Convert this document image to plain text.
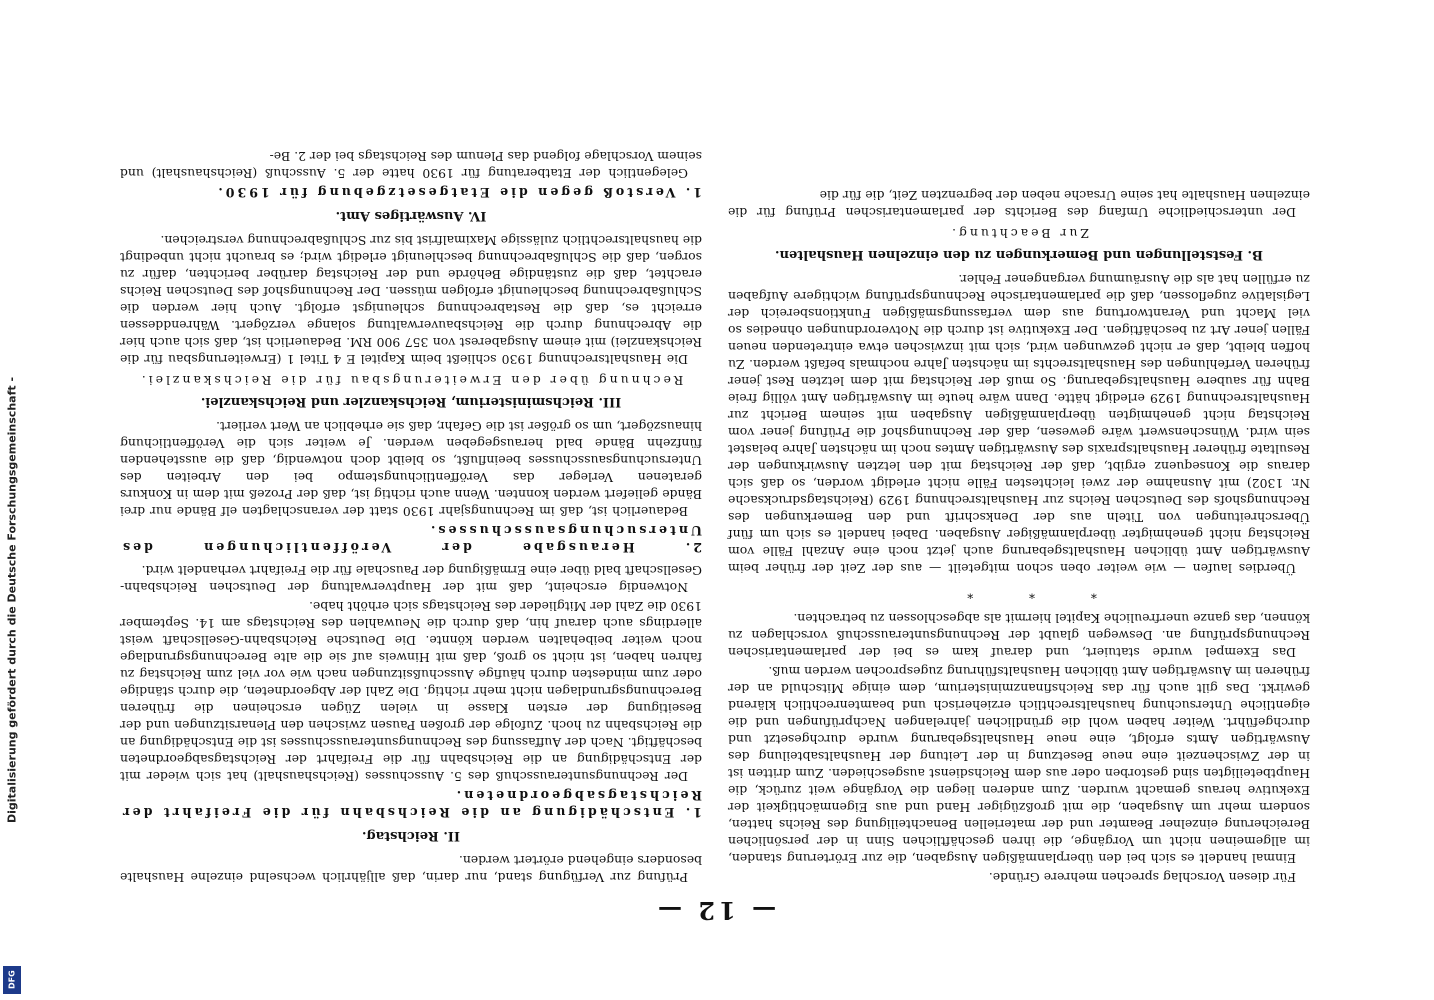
Digitalisierung gefördert durch die Deutsche Forschungsgemeinschaft -
DFG
— 12 —

Für diesen Vorschlag sprechen mehrere Gründe.

Einmal handelt es sich bei den überplanmäßigen Ausgaben, die zur Erörterung standen, im allgemeinen nicht um Vorgänge, die ihren geschäftlichen Sinn in der persönlichen Bereicherung einzelner Beamter und der materiellen Benachteiligung des Reichs hatten, sondern mehr um Ausgaben, die mit großzügiger Hand und aus Eigenmächtigkeit der Exekutive heraus gemacht wurden. Zum anderen liegen die Vorgänge weit zurück, die Hauptbeteiligten sind gestorben oder aus dem Reichsdienst ausgeschieden. Zum dritten ist in der Zwischenzeit eine neue Besetzung in der Leitung der Haushaltsabteilung des Auswärtigen Amts erfolgt, eine neue Haushaltsgebarung wurde durchgesetzt und durchgeführt. Weiter haben wohl die gründlichen jahrelangen Nachprüfungen und die eigentliche Untersuchung haushaltsrechtlich erzieherisch und beamtenrechtlich klärend gewirkt. Das gilt auch für das Reichsfinanzministerium, dem einige Mitschuld an der früheren im Auswärtigen Amt üblichen Haushaltsführung zugesprochen werden muß.

Das Exempel wurde statuiert, und darauf kam es bei der parlamentarischen Rechnungsprüfung an. Deswegen glaubt der Rechnungsunterausschuß vorschlagen zu können, das ganze unerfreuliche Kapitel hiermit als abgeschlossen zu betrachten.

* * *

Überdies laufen — wie weiter oben schon mitgeteilt — aus der Zeit der früher beim Auswärtigen Amt üblichen Haushaltsgebarung auch jetzt noch eine Anzahl Fälle vom Reichstag nicht genehmigter überplanmäßiger Ausgaben. Dabei handelt es sich um fünf Überschreitungen von Titeln aus der Denkschrift und den Bemerkungen des Rechnungshofs des Deutschen Reichs zur Haushaltsrechnung 1929 (Reichstagsdrucksache Nr. 1302) mit Ausnahme der zwei leichtesten Fälle nicht erledigt worden, so daß sich daraus die Konsequenz ergibt, daß der Reichstag mit den letzten Auswirkungen der Resultate früherer Haushaltspraxis des Auswärtigen Amtes noch im nächsten Jahre belastet sein wird. Wünschenswert wäre gewesen, daß der Rechnungshof die Prüfung jener vom Reichstag nicht genehmigten überplanmäßigen Ausgaben mit seinem Bericht zur Haushaltsrechnung 1929 erledigt hätte. Dann wäre heute im Auswärtigen Amt völlig freie Bahn für saubere Haushaltsgebarung. So muß der Reichstag mit dem letzten Rest jener früheren Verfehlungen des Haushaltsrechts im nächsten Jahre nochmals befaßt werden. Zu hoffen bleibt, daß er nicht gezwungen wird, sich mit inzwischen etwa eintretenden neuen Fällen jener Art zu beschäftigen. Der Exekutive ist durch die Notverordnungen ohnedies so viel Macht und Verantwortung aus dem verfassungsmäßigen Funktionsbereich der Legislative zugeflossen, daß die parlamentarische Rechnungsprüfung wichtigere Aufgaben zu erfüllen hat als die Ausräumung vergangener Fehler.

B. Feststellungen und Bemerkungen zu den einzelnen Haushalten.

Zur Beachtung.

Der unterschiedliche Umfang des Berichts der parlamentarischen Prüfung für die einzelnen Haushalte hat seine Ursache neben der begrenzten Zeit, die für die

Prüfung zur Verfügung stand, nur darin, daß alljährlich wechselnd einzelne Haushalte besonders eingehend erörtert werden.

II. Reichstag.
1. Entschädigung an die Reichsbahn für die Freifahrt der Reichstagsabgeordneten.

Der Rechnungsunterausschuß des 5. Ausschusses (Reichshaushalt) hat sich wieder mit der Entschädigung an die Reichsbahn für die Freifahrt der Reichstagsabgeordneten beschäftigt. Nach der Auffassung des Rechnungsunterausschusses ist die Entschädigung an die Reichsbahn zu hoch. Zufolge der großen Pausen zwischen den Plenarsitzungen und der Beseitigung der ersten Klasse in vielen Zügen erscheinen die früheren Berechnungsgrundlagen nicht mehr richtig. Die Zahl der Abgeordneten, die durch ständige oder zum mindesten durch häufige Ausschußsitzungen nach wie vor viel zum Reichstag zu fahren haben, ist nicht so groß, daß mit Hinweis auf sie die alte Berechnungsgrundlage noch weiter beibehalten werden könnte. Die Deutsche Reichsbahn-Gesellschaft weist allerdings auch darauf hin, daß durch die Neuwahlen des Reichstags am 14. September 1930 die Zahl der Mitglieder des Reichstags sich erhöht habe.

Notwendig erscheint, daß mit der Hauptverwaltung der Deutschen Reichsbahn-Gesellschaft bald über eine Ermäßigung der Pauschale für die Freifahrt verhandelt wird.

2. Herausgabe der Veröffentlichungen des Untersuchungsausschusses.

Bedauerlich ist, daß im Rechnungsjahr 1930 statt der veranschlagten elf Bände nur drei Bände geliefert werden konnten. Wenn auch richtig ist, daß der Prozeß mit dem in Konkurs geratenen Verleger das Veröffentlichungstempo bei den Arbeiten des Untersuchungsausschusses beeinflußt, so bleibt doch notwendig, daß die ausstehenden fünfzehn Bände bald herausgegeben werden. Je weiter sich die Veröffentlichung hinauszögert, um so größer ist die Gefahr, daß sie erheblich an Wert verliert.

III. Reichsministerium, Reichskanzler und Reichskanzlei.

Rechnung über den Erweiterungsbau für die Reichskanzlei.

Die Haushaltsrechnung 1930 schließt beim Kapitel E 4 Titel 1 (Erweiterungsbau für die Reichskanzlei) mit einem Ausgaberest von 357 900 RM. Bedauerlich ist, daß sich auch hier die Abrechnung durch die Reichsbauverwaltung solange verzögert. Währenddessen erreicht es, daß die Restabrechnung schleunigst erfolgt. Auch hier werden die Schlußabrechnung beschleunigt erfolgen müssen. Der Rechnungshof des Deutschen Reichs erachtet, daß die zuständige Behörde und der Reichstag darüber berichten, dafür zu sorgen, daß die Schlußabrechnung beschleunigt erledigt wird; es braucht nicht unbedingt die haushaltsrechtlich zulässige Maximalfrist bis zur Schlußabrechnung verstreichen.

IV. Auswärtiges Amt.
1. Verstoß gegen die Etatgesetzgebung für 1930.

Gelegentlich der Etatberatung für 1930 hatte der 5. Ausschuß (Reichshaushalt) und seinem Vorschlage folgend das Plenum des Reichstags bei der 2. Be-
